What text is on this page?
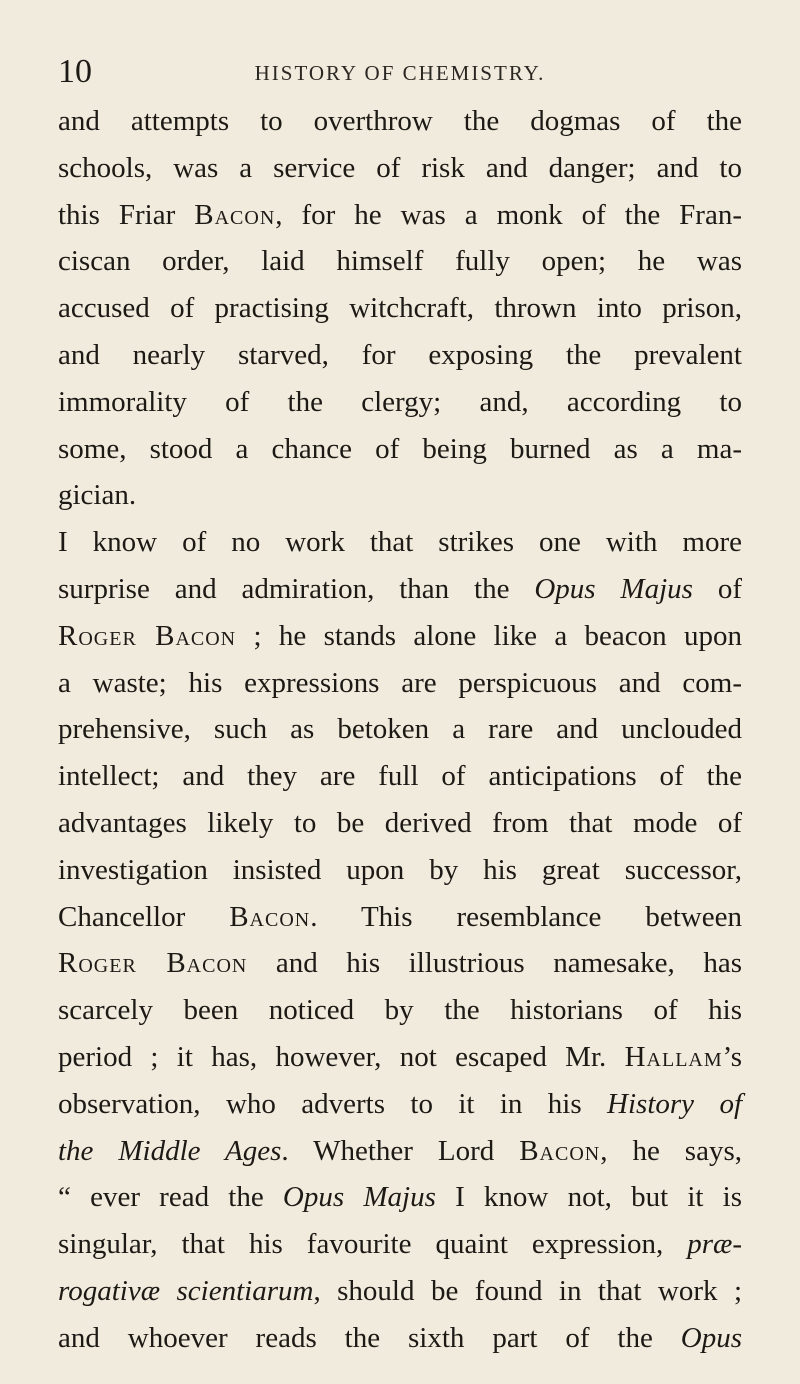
10	HISTORY OF CHEMISTRY.
and attempts to overthrow the dogmas of the
schools, was a service of risk and danger; and to
this Friar Bacon, for he was a monk of the Fran-
ciscan order, laid himself fully open; he was
accused of practising witchcraft, thrown into prison,
and nearly starved, for exposing the prevalent
immorality of the clergy; and, according to
some, stood a chance of being burned as a ma-
gician.
I know of no work that strikes one with more
surprise and admiration, than the Opus Majus of
Roger Bacon ; he stands alone like a beacon upon
a waste; his expressions are perspicuous and com-
prehensive, such as betoken a rare and unclouded
intellect; and they are full of anticipations of the
advantages likely to be derived from that mode of
investigation insisted upon by his great successor,
Chancellor Bacon. This resemblance between
Roger Bacon and his illustrious namesake, has
scarcely been noticed by the historians of his
period ; it has, however, not escaped Mr. Hallam’s
observation, who adverts to it in his History of
the Middle Ages. Whether Lord Bacon, he says,
“ ever read the Opus Majus I know not, but it is
singular, that his favourite quaint expression, præ-
rogativæ scientiarum, should be found in that work ;
and whoever reads the sixth part of the Opus
